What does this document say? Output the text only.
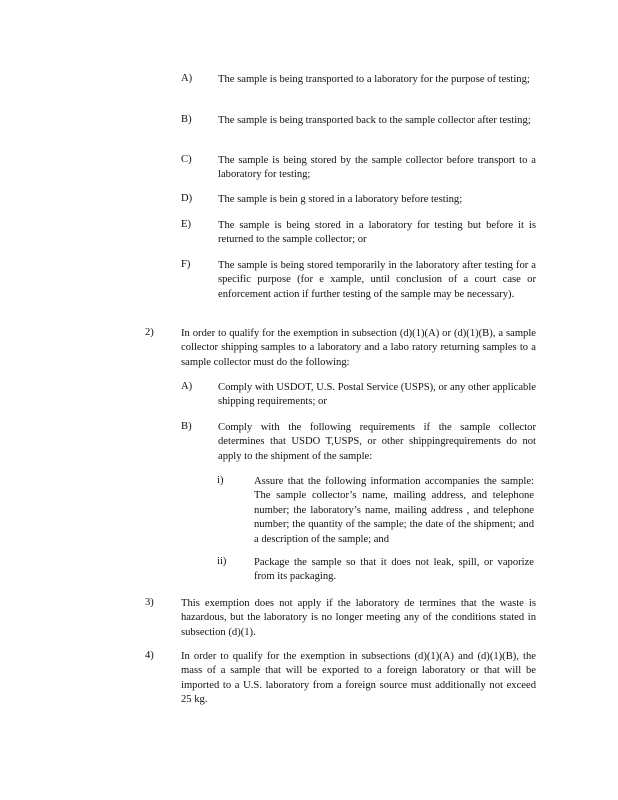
A) The sample is being transported to a laboratory for the purpose of testing;
B) The sample is being transported back to the sample collector after testing;
C) The sample is being stored by the sample collector before transport to a laboratory for testing;
D) The sample is bein g stored in a laboratory before testing;
E)	The sample is being stored in a laboratory for testing but before it is returned to the sample collector; or
F)	The sample is being stored temporarily in the laboratory after testing for a specific purpose (for e xample, until conclusion of a court case or enforcement action if further testing of the sample may be necessary).
2)	In order to qualify for the exemption in subsection (d)(1)(A) or (d)(1)(B), a sample collector shipping samples to a laboratory and a labo ratory returning samples to a sample collector must do the following:
A) Comply with USDOT, U.S. Postal Service (USPS), or any other applicable shipping requirements; or
B) Comply with the following requirements if the sample collector determines that USDO T,USPS, or other shippingrequirements do not apply to the shipment of the sample:
i)	Assure that the following information accompanies the sample: The sample collector’s name, mailing address, and telephone number; the laboratory’s name, mailing address , and telephone number; the quantity of the sample; the date of the shipment; and a description of the sample; and
ii)	Package the sample so that it does not leak, spill, or vaporize from its packaging.
3)	This exemption does not apply if the laboratory de termines that the waste is hazardous, but the laboratory is no longer meeting any of the conditions stated in subsection (d)(1).
4)	In order to qualify for the exemption in subsections (d)(1)(A) and (d)(1)(B), the mass of a sample that will be exported to a foreign laboratory or that will be imported to a U.S. laboratory from a foreign source must additionally not exceed 25 kg.
